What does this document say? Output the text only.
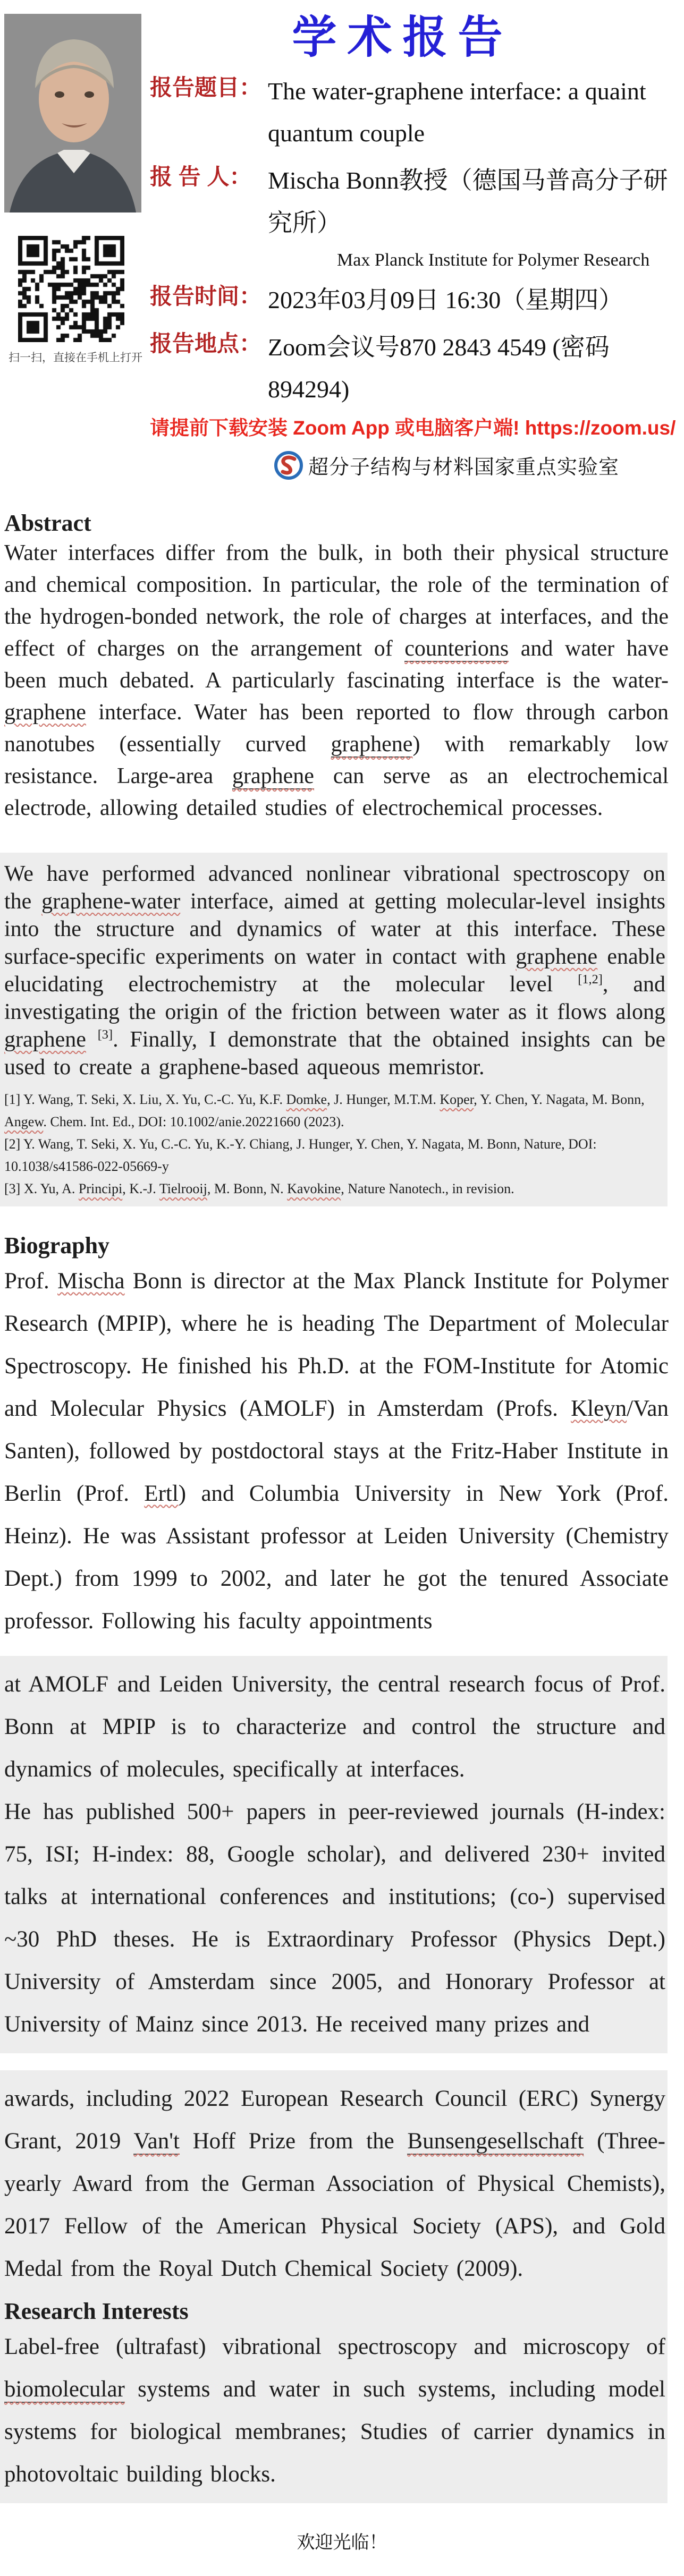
扫一扫，直接在手机上打开
学术报告
报告题目： The water-graphene interface: a quaint quantum couple
报 告 人： Mischa Bonn教授（德国马普高分子研究所）
Max Planck Institute for Polymer Research
报告时间： 2023年03月09日 16:30（星期四）
报告地点： Zoom会议号870 2843 4549 (密码894294)
请提前下载安装 Zoom App 或电脑客户端! https://zoom.us/
超分子结构与材料国家重点实验室
Abstract

Water interfaces differ from the bulk, in both their physical structure and chemical composition. In particular, the role of the termination of the hydrogen-bonded network, the role of charges at interfaces, and the effect of charges on the arrangement of counterions and water have been much debated. A particularly fascinating interface is the water-graphene interface. Water has been reported to flow through carbon nanotubes (essentially curved graphene) with remarkably low resistance. Large-area graphene can serve as an electrochemical electrode, allowing detailed studies of electrochemical processes.

We have performed advanced nonlinear vibrational spectroscopy on the graphene-water interface, aimed at getting molecular-level insights into the structure and dynamics of water at this interface. These surface-specific experiments on water in contact with graphene enable elucidating electrochemistry at the molecular level [1,2], and investigating the origin of the friction between water as it flows along graphene [3]. Finally, I demonstrate that the obtained insights can be used to create a graphene-based aqueous memristor.

[1] Y. Wang, T. Seki, X. Liu, X. Yu, C.-C. Yu, K.F. Domke, J. Hunger, M.T.M. Koper, Y. Chen, Y. Nagata, M. Bonn, Angew. Chem. Int. Ed., DOI: 10.1002/anie.20221660 (2023).

[2] Y. Wang, T. Seki, X. Yu, C.-C. Yu, K.-Y. Chiang, J. Hunger, Y. Chen, Y. Nagata, M. Bonn, Nature, DOI: 10.1038/s41586-022-05669-y

[3] X. Yu, A. Principi, K.-J. Tielrooij, M. Bonn, N. Kavokine, Nature Nanotech., in revision.

Biography

Prof. Mischa Bonn is director at the Max Planck Institute for Polymer Research (MPIP), where he is heading The Department of Molecular Spectroscopy. He finished his Ph.D. at the FOM-Institute for Atomic and Molecular Physics (AMOLF) in Amsterdam (Profs. Kleyn/Van Santen), followed by postdoctoral stays at the Fritz-Haber Institute in Berlin (Prof. Ertl) and Columbia University in New York (Prof. Heinz). He was Assistant professor at Leiden University (Chemistry Dept.) from 1999 to 2002, and later he got the tenured Associate professor. Following his faculty appointments

at AMOLF and Leiden University, the central research focus of Prof. Bonn at MPIP is to characterize and control the structure and dynamics of molecules, specifically at interfaces.

He has published 500+ papers in peer-reviewed journals (H-index: 75, ISI; H-index: 88, Google scholar), and delivered 230+ invited talks at international conferences and institutions; (co-) supervised ~30 PhD theses. He is Extraordinary Professor (Physics Dept.) University of Amsterdam since 2005, and Honorary Professor at University of Mainz since 2013. He received many prizes and

awards, including 2022 European Research Council (ERC) Synergy Grant, 2019 Van't Hoff Prize from the Bunsengesellschaft (Three-yearly Award from the German Association of Physical Chemists), 2017 Fellow of the American Physical Society (APS), and Gold Medal from the Royal Dutch Chemical Society (2009).

Research Interests

Label-free (ultrafast) vibrational spectroscopy and microscopy of biomolecular systems and water in such systems, including model systems for biological membranes; Studies of carrier dynamics in photovoltaic building blocks.

欢迎光临！
